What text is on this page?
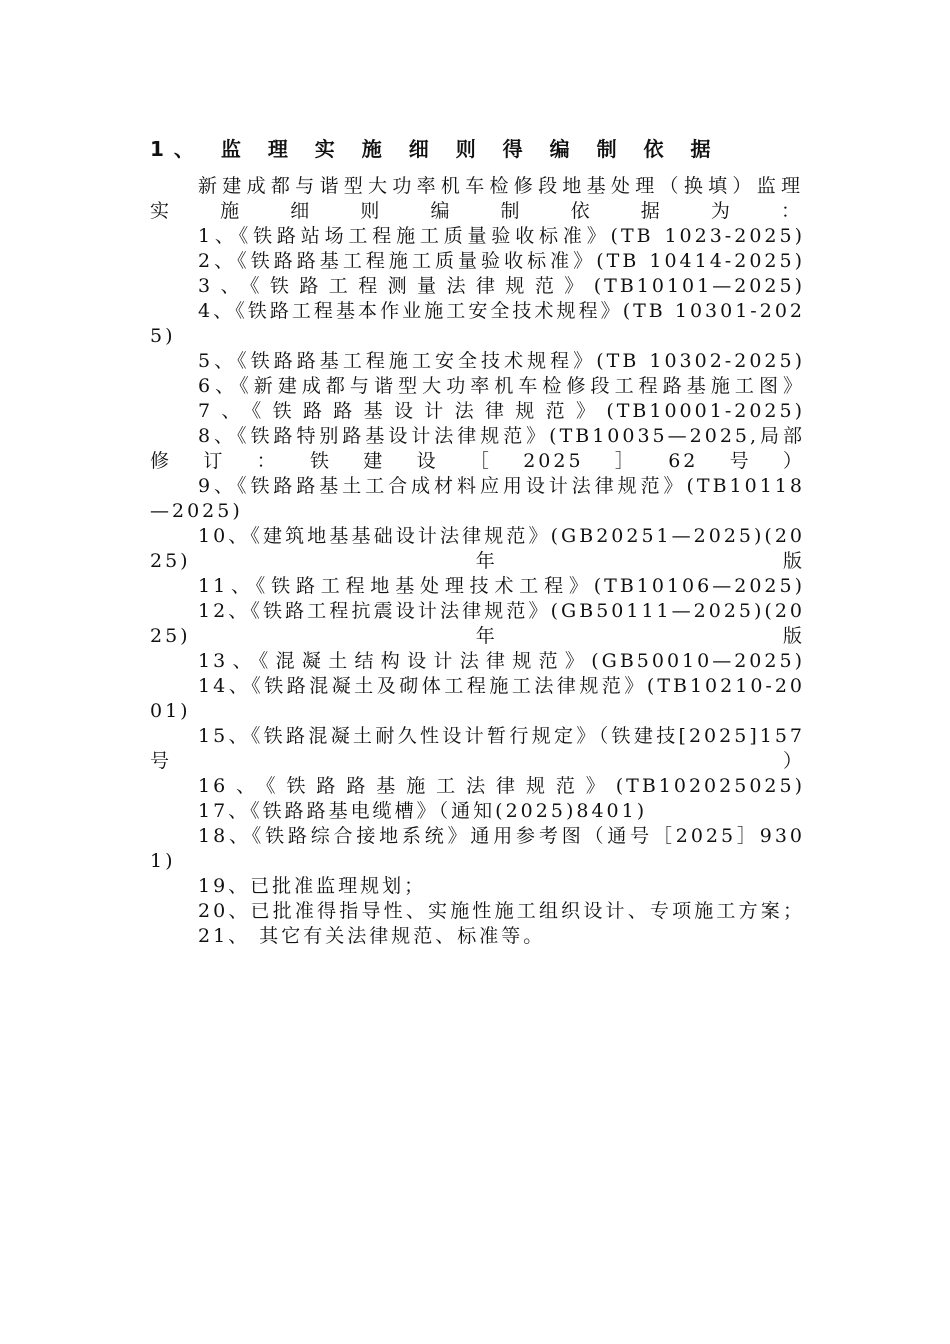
1、 监 理 实 施 细 则 得 编 制 依 据

新建成都与谐型大功率机车检修段地基处理（换填）监理实施细则编制依据为：

1、《铁路站场工程施工质量验收标准》(TB 1023-2025)

2、《铁路路基工程施工质量验收标准》(TB 10414-2025)

3、《铁路工程测量法律规范》(TB10101—2025)

4、《铁路工程基本作业施工安全技术规程》(TB 10301-2025)

5、《铁路路基工程施工安全技术规程》(TB 10302-2025)

6、《新建成都与谐型大功率机车检修段工程路基施工图》

7、《铁路路基设计法律规范》(TB10001-2025)

8、《铁路特别路基设计法律规范》(TB10035—2025,局部修订：铁建设［2025］62号）

9、《铁路路基土工合成材料应用设计法律规范》(TB10118—2025)

10、《建筑地基基础设计法律规范》(GB20251—2025)(2025)年版

11、《铁路工程地基处理技术工程》(TB10106—2025)

12、《铁路工程抗震设计法律规范》(GB50111—2025)(2025)年版

13、《混凝土结构设计法律规范》(GB50010—2025)

14、《铁路混凝土及砌体工程施工法律规范》(TB10210-2001)

15、《铁路混凝土耐久性设计暂行规定》（铁建技[2025]157号）

16、《铁路路基施工法律规范》(TB102025025)

17、《铁路路基电缆槽》（通知(2025)8401)

18、《铁路综合接地系统》通用参考图（通号［2025］9301)

19、已批准监理规划；

20、已批准得指导性、实施性施工组织设计、专项施工方案；

21、 其它有关法律规范、标准等。
